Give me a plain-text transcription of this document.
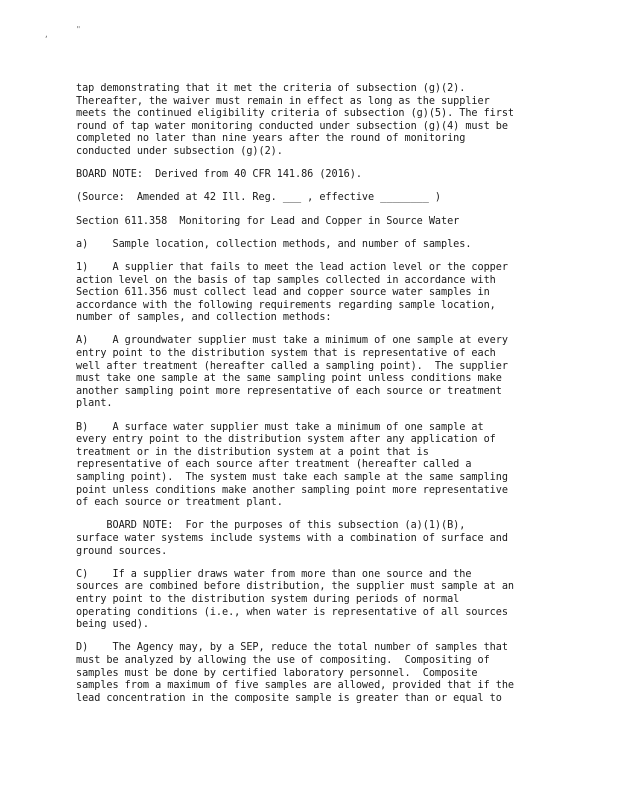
,
"
tap demonstrating that it met the criteria of subsection (g)(2).
Thereafter, the waiver must remain in effect as long as the supplier
meets the continued eligibility criteria of subsection (g)(5). The first
round of tap water monitoring conducted under subsection (g)(4) must be
completed no later than nine years after the round of monitoring
conducted under subsection (g)(2).
BOARD NOTE:  Derived from 40 CFR 141.86 (2016).
(Source:  Amended at 42 Ill. Reg. ___ , effective ________ )
Section 611.358  Monitoring for Lead and Copper in Source Water
a)    Sample location, collection methods, and number of samples.
1)    A supplier that fails to meet the lead action level or the copper
action level on the basis of tap samples collected in accordance with
Section 611.356 must collect lead and copper source water samples in
accordance with the following requirements regarding sample location,
number of samples, and collection methods:
A)    A groundwater supplier must take a minimum of one sample at every
entry point to the distribution system that is representative of each
well after treatment (hereafter called a sampling point).  The supplier
must take one sample at the same sampling point unless conditions make
another sampling point more representative of each source or treatment
plant.
B)    A surface water supplier must take a minimum of one sample at
every entry point to the distribution system after any application of
treatment or in the distribution system at a point that is
representative of each source after treatment (hereafter called a
sampling point).  The system must take each sample at the same sampling
point unless conditions make another sampling point more representative
of each source or treatment plant.
BOARD NOTE:  For the purposes of this subsection (a)(1)(B),
surface water systems include systems with a combination of surface and
ground sources.
C)    If a supplier draws water from more than one source and the
sources are combined before distribution, the supplier must sample at an
entry point to the distribution system during periods of normal
operating conditions (i.e., when water is representative of all sources
being used).
D)    The Agency may, by a SEP, reduce the total number of samples that
must be analyzed by allowing the use of compositing.  Compositing of
samples must be done by certified laboratory personnel.  Composite
samples from a maximum of five samples are allowed, provided that if the
lead concentration in the composite sample is greater than or equal to
